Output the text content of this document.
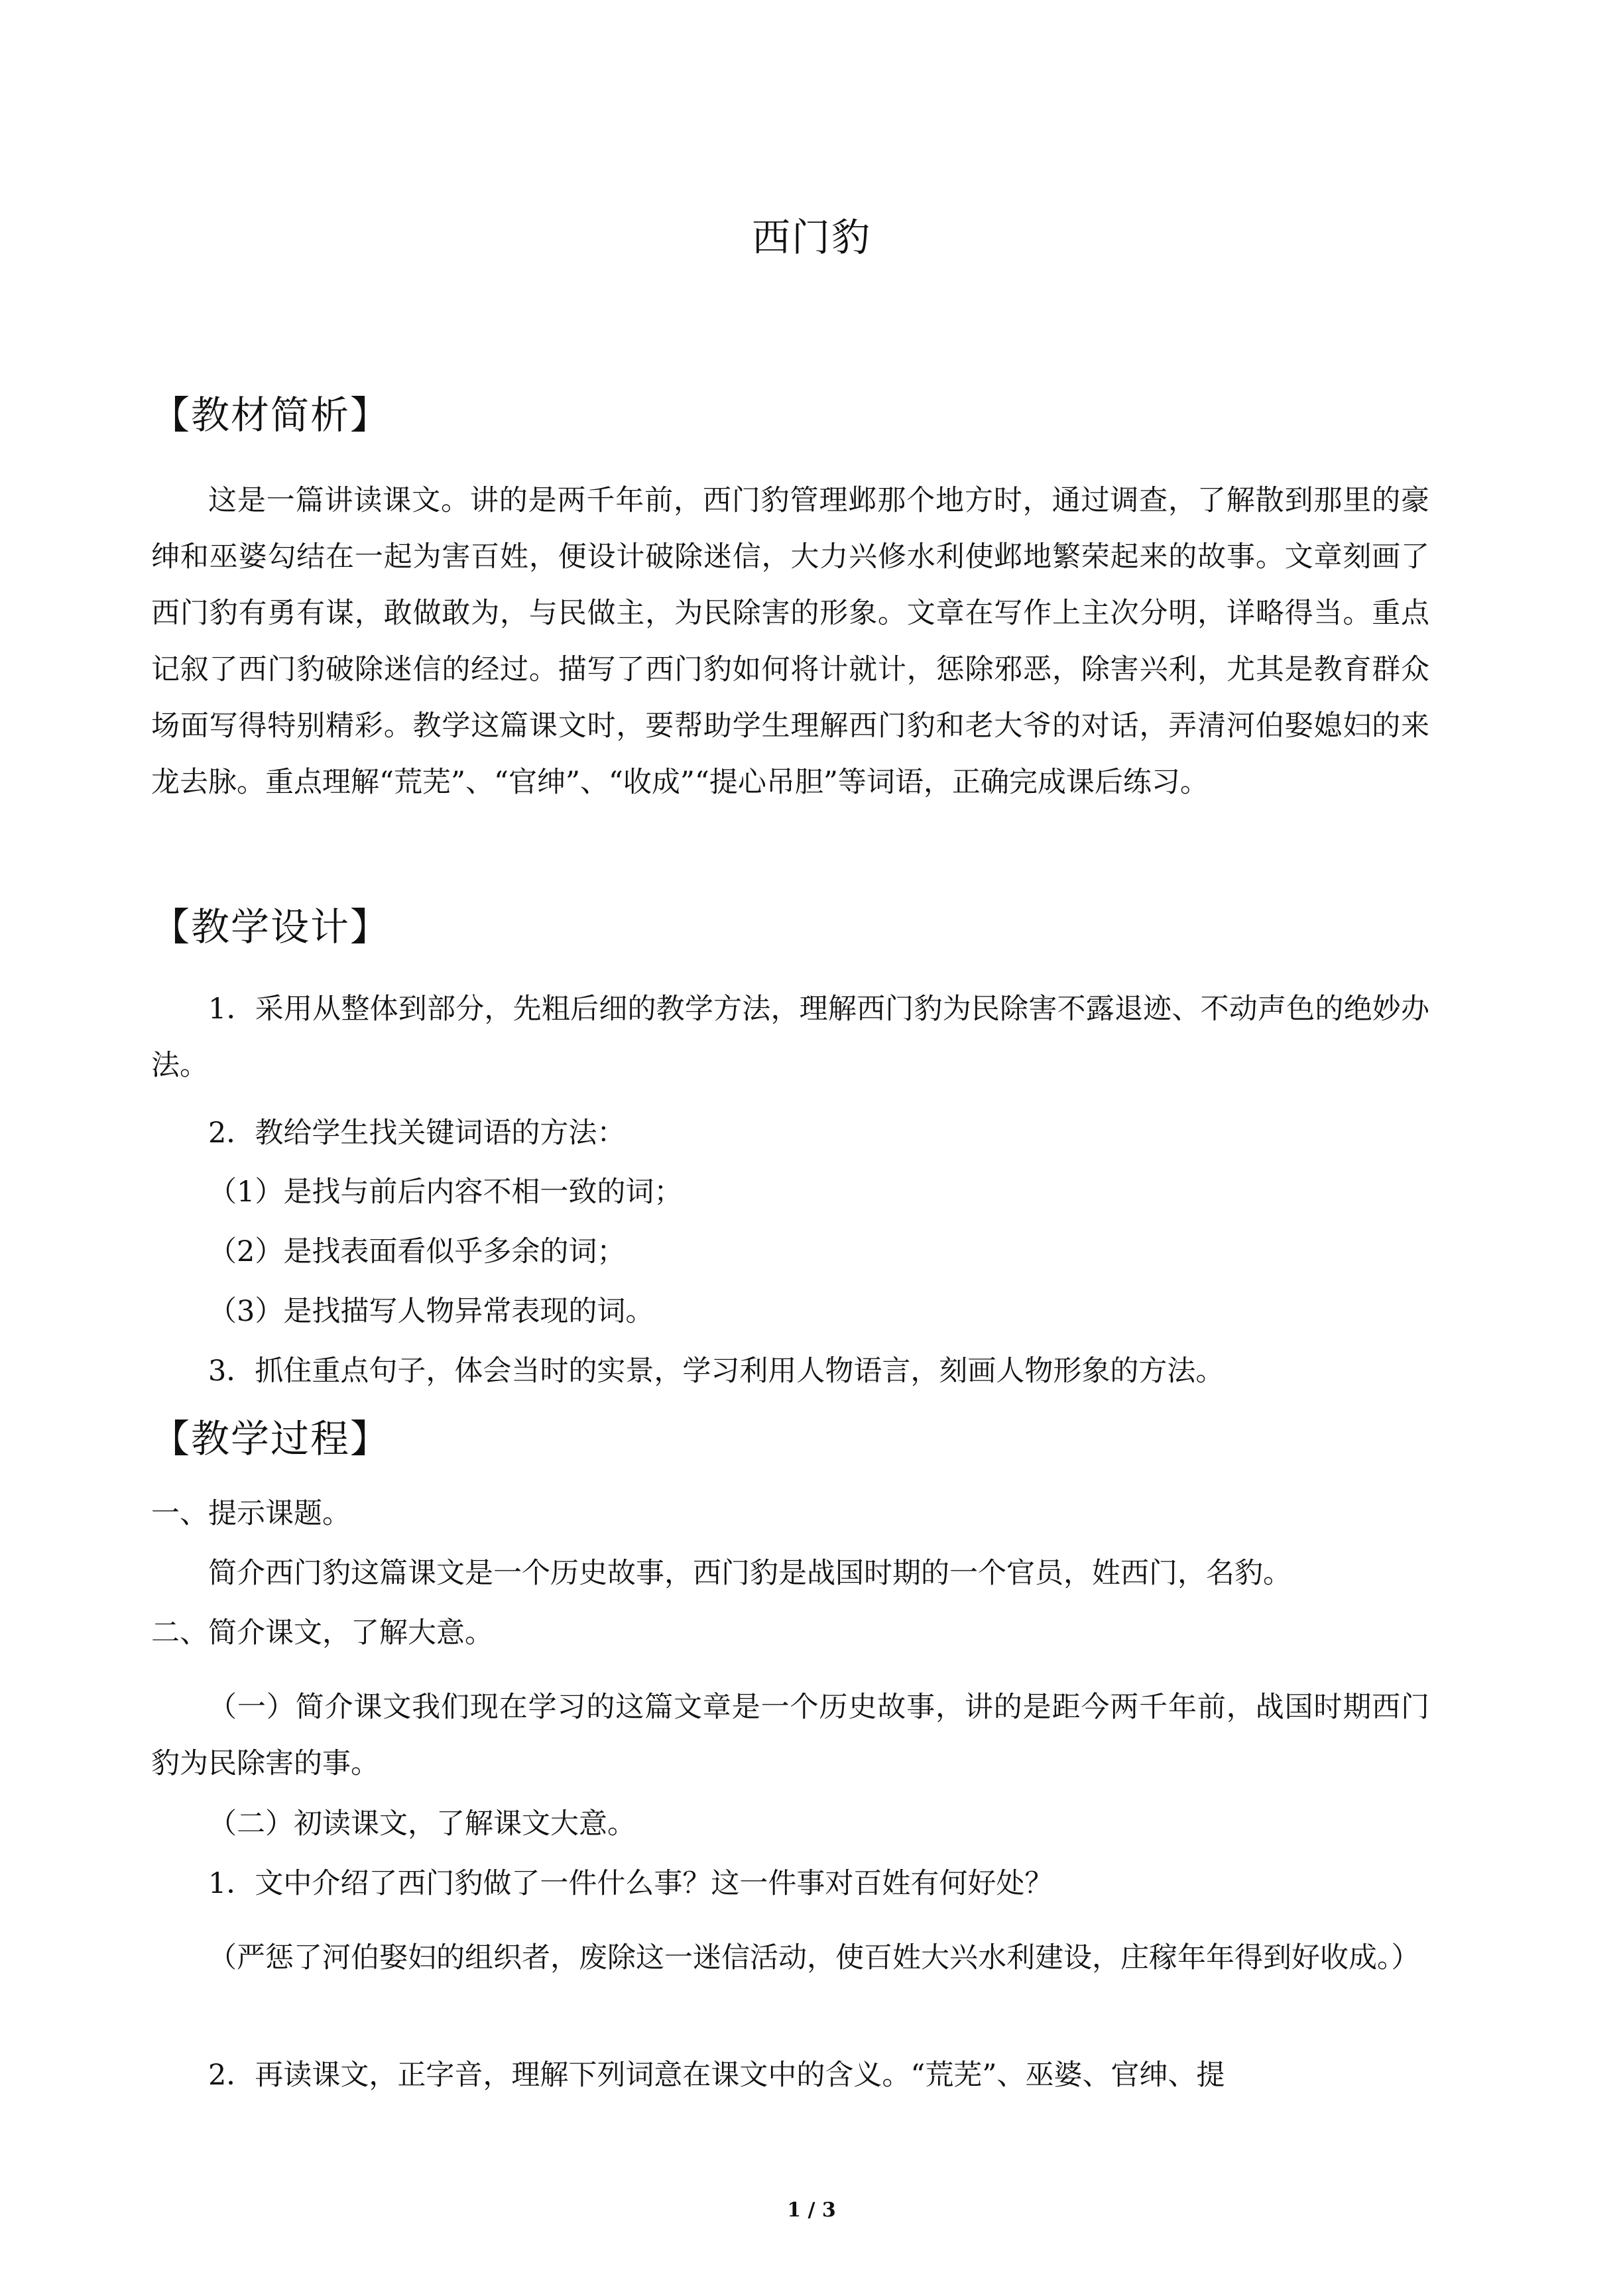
西门豹
【教材简析】
这是一篇讲读课文。讲的是两千年前，西门豹管理邺那个地方时，通过调查，了解散到那里的豪绅和巫婆勾结在一起为害百姓，便设计破除迷信，大力兴修水利使邺地繁荣起来的故事。文章刻画了西门豹有勇有谋，敢做敢为，与民做主，为民除害的形象。文章在写作上主次分明，详略得当。重点记叙了西门豹破除迷信的经过。描写了西门豹如何将计就计，惩除邪恶，除害兴利，尤其是教育群众场面写得特别精彩。教学这篇课文时，要帮助学生理解西门豹和老大爷的对话，弄清河伯娶媳妇的来龙去脉。重点理解“荒芜”、“官绅”、“收成”“提心吊胆”等词语，正确完成课后练习。
【教学设计】
1．采用从整体到部分，先粗后细的教学方法，理解西门豹为民除害不露退迹、不动声色的绝妙办法。
2．教给学生找关键词语的方法：
（1）是找与前后内容不相一致的词；
（2）是找表面看似乎多余的词；
（3）是找描写人物异常表现的词。
3．抓住重点句子，体会当时的实景，学习利用人物语言，刻画人物形象的方法。
【教学过程】
一、提示课题。
简介西门豹这篇课文是一个历史故事，西门豹是战国时期的一个官员，姓西门，名豹。
二、简介课文，了解大意。
（一）简介课文我们现在学习的这篇文章是一个历史故事，讲的是距今两千年前，战国时期西门豹为民除害的事。
（二）初读课文，了解课文大意。
1．文中介绍了西门豹做了一件什么事？这一件事对百姓有何好处？
（严惩了河伯娶妇的组织者，废除这一迷信活动，使百姓大兴水利建设，庄稼年年得到好收成。）
2．再读课文，正字音，理解下列词意在课文中的含义。“荒芜”、巫婆、官绅、提
1 / 3
